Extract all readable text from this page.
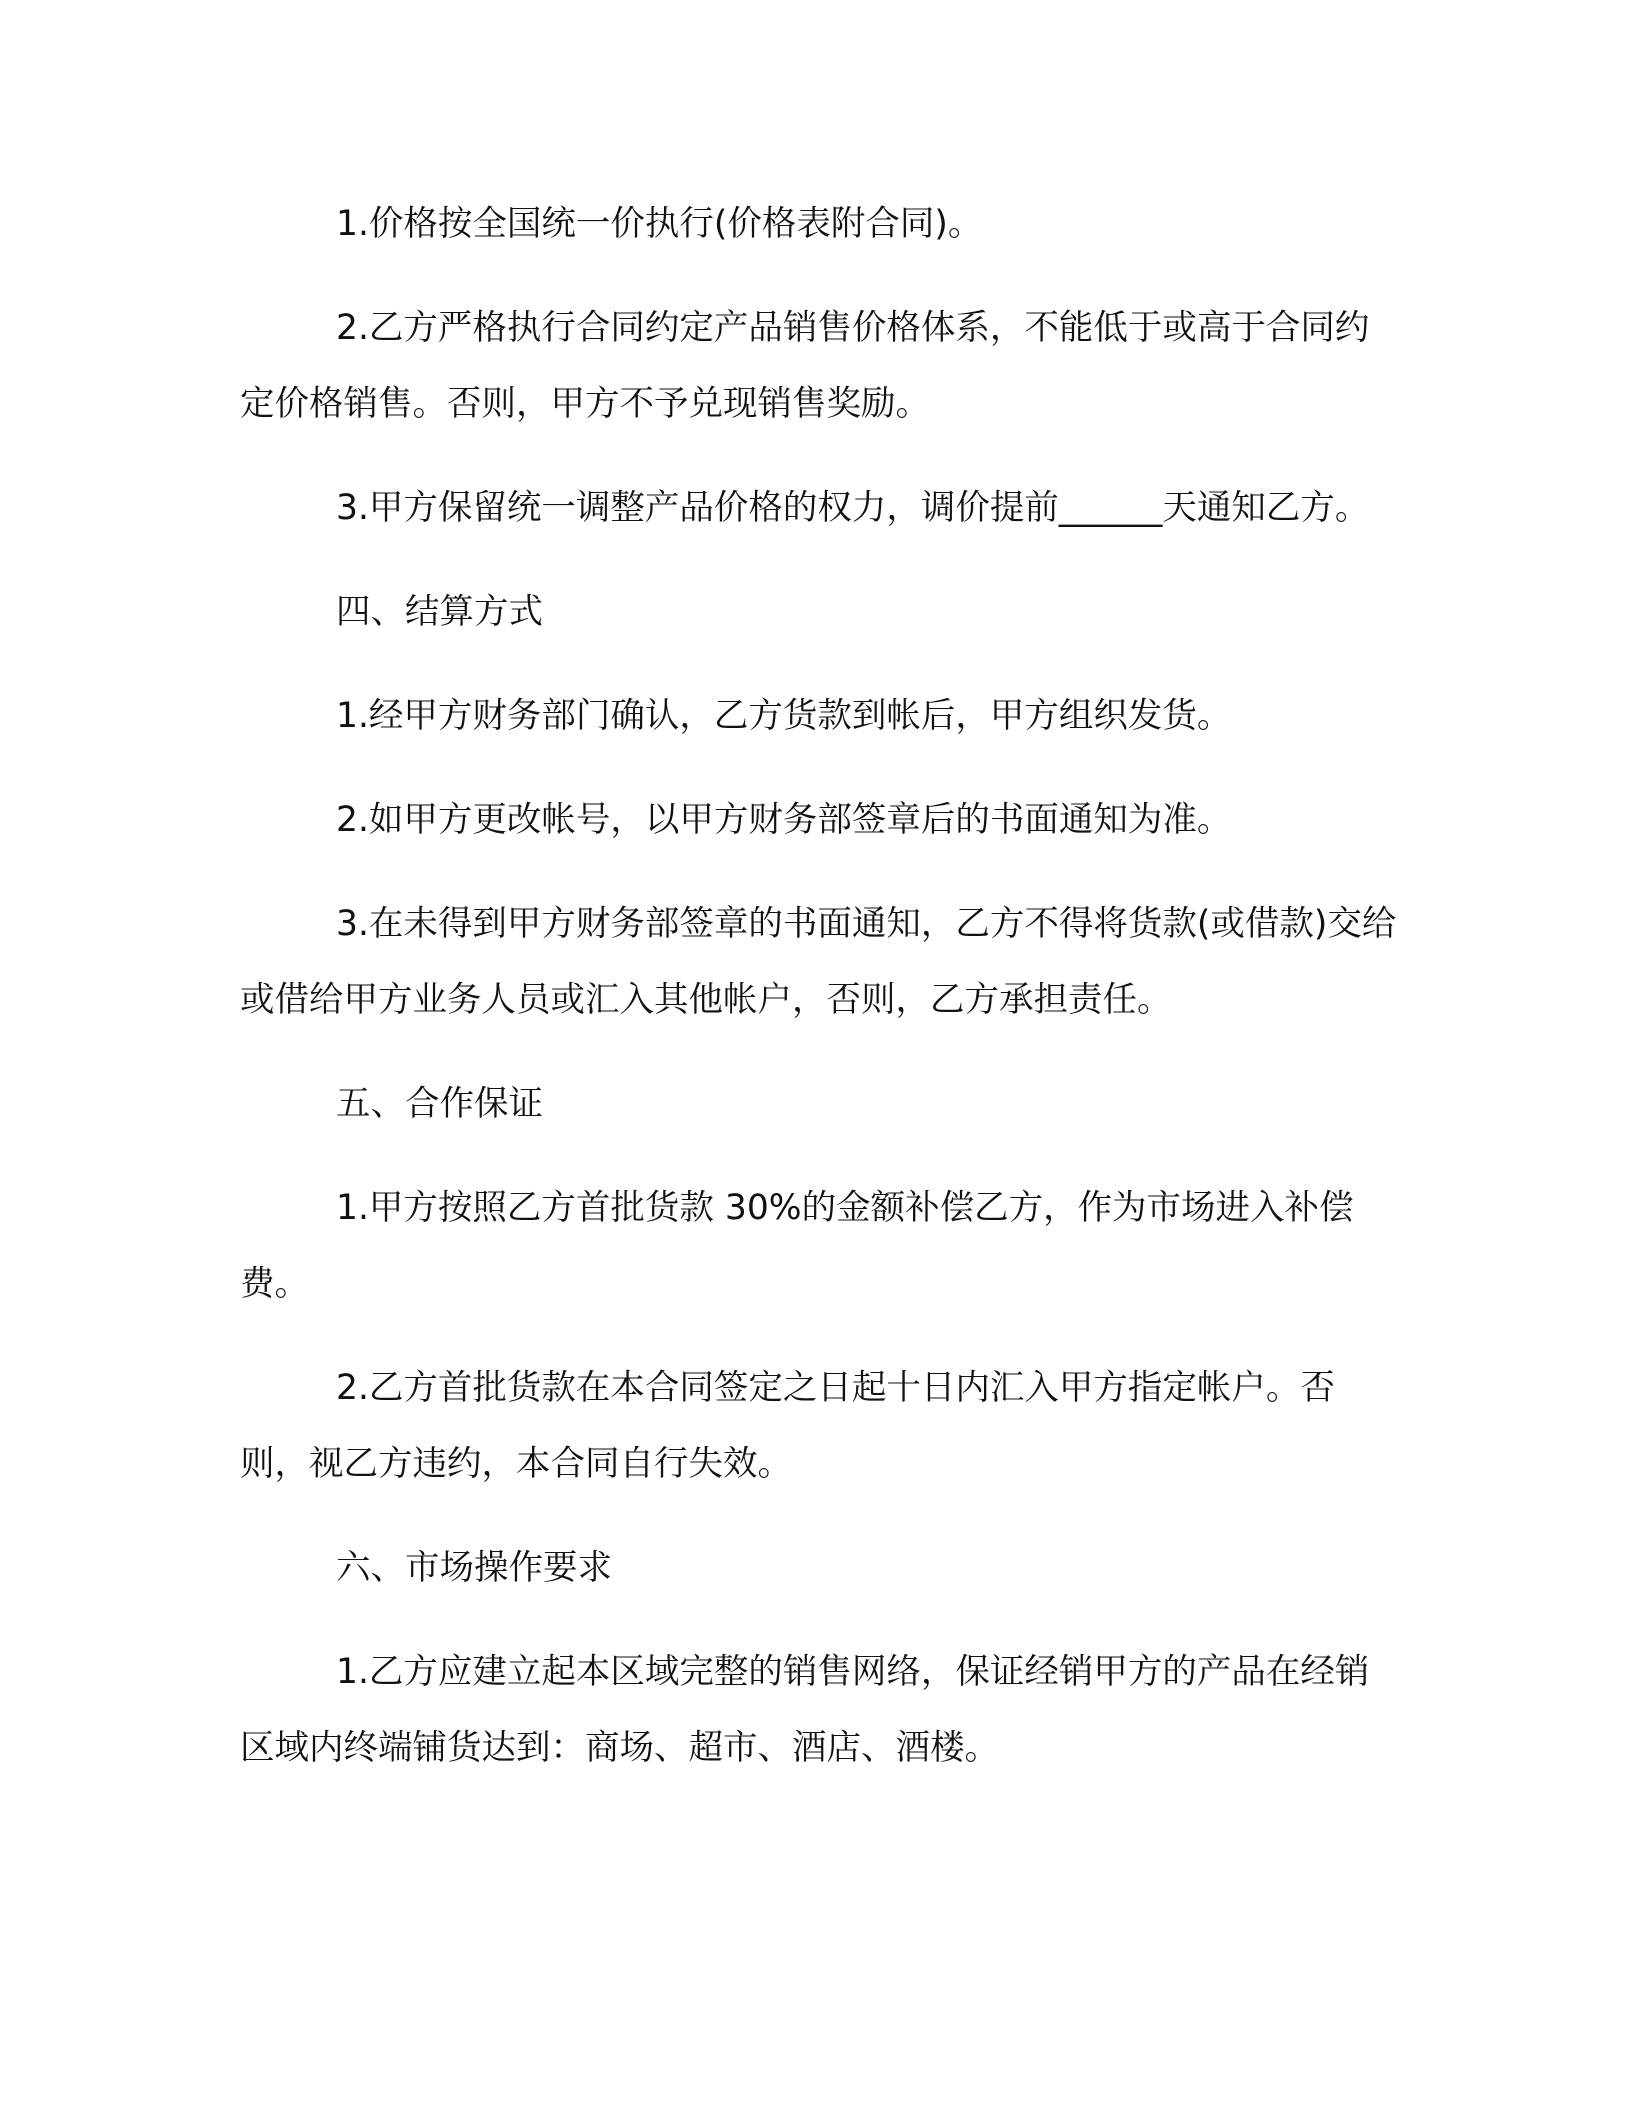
1.价格按全国统一价执行(价格表附合同)。

2.乙方严格执行合同约定产品销售价格体系，不能低于或高于合同约定价格销售。否则，甲方不予兑现销售奖励。

3.甲方保留统一调整产品价格的权力，调价提前______天通知乙方。

四、结算方式

1.经甲方财务部门确认，乙方货款到帐后，甲方组织发货。

2.如甲方更改帐号，以甲方财务部签章后的书面通知为准。

3.在未得到甲方财务部签章的书面通知，乙方不得将货款(或借款)交给或借给甲方业务人员或汇入其他帐户，否则，乙方承担责任。

五、合作保证

1.甲方按照乙方首批货款 30%的金额补偿乙方，作为市场进入补偿费。

2.乙方首批货款在本合同签定之日起十日内汇入甲方指定帐户。否则，视乙方违约，本合同自行失效。

六、市场操作要求

1.乙方应建立起本区域完整的销售网络，保证经销甲方的产品在经销区域内终端铺货达到：商场、超市、酒店、酒楼。
